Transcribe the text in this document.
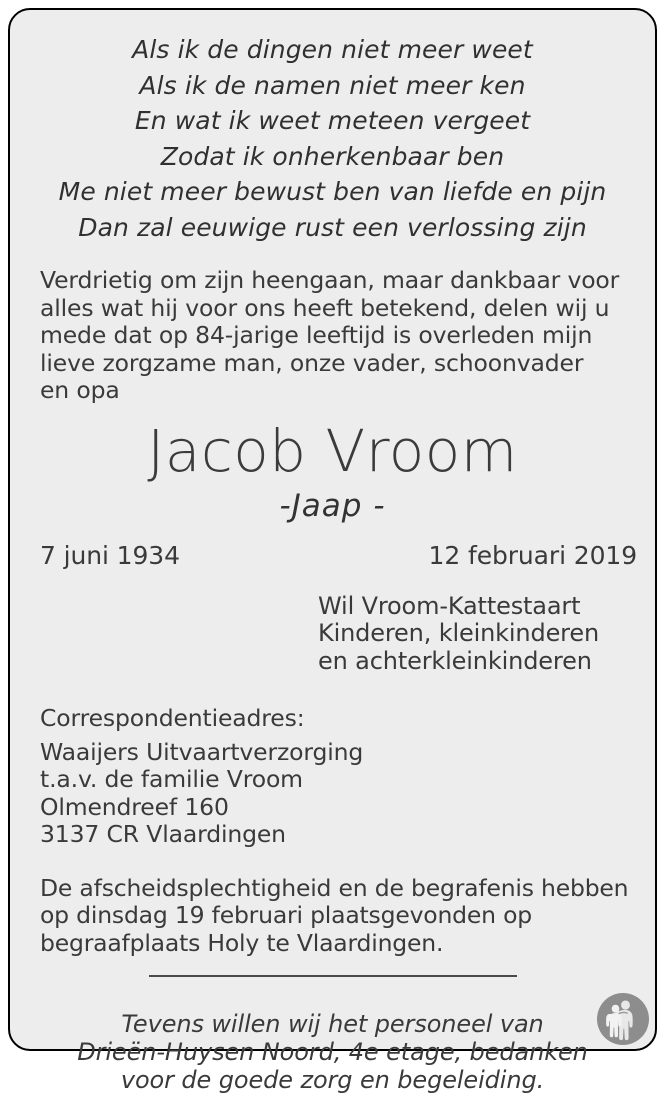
Als ik de dingen niet meer weet
Als ik de namen niet meer ken
En wat ik weet meteen vergeet
Zodat ik onherkenbaar ben
Me niet meer bewust ben van liefde en pijn
Dan zal eeuwige rust een verlossing zijn
Verdrietig om zijn heengaan, maar dankbaar voor
alles wat hij voor ons heeft betekend, delen wij u
mede dat op 84-jarige leeftijd is overleden mijn
lieve zorgzame man, onze vader, schoonvader
en opa
Jacob Vroom
-Jaap -
7 juni 1934	12 februari 2019
Wil Vroom-Kattestaart
Kinderen, kleinkinderen
en achterkleinkinderen
Correspondentieadres:
Waaijers Uitvaartverzorging
t.a.v. de familie Vroom
Olmendreef 160
3137 CR Vlaardingen
De afscheidsplechtigheid en de begrafenis hebben
op dinsdag 19 februari plaatsgevonden op
begraafplaats Holy te Vlaardingen.
Tevens willen wij het personeel van
Drieën-Huysen Noord, 4e etage, bedanken
voor de goede zorg en begeleiding.
